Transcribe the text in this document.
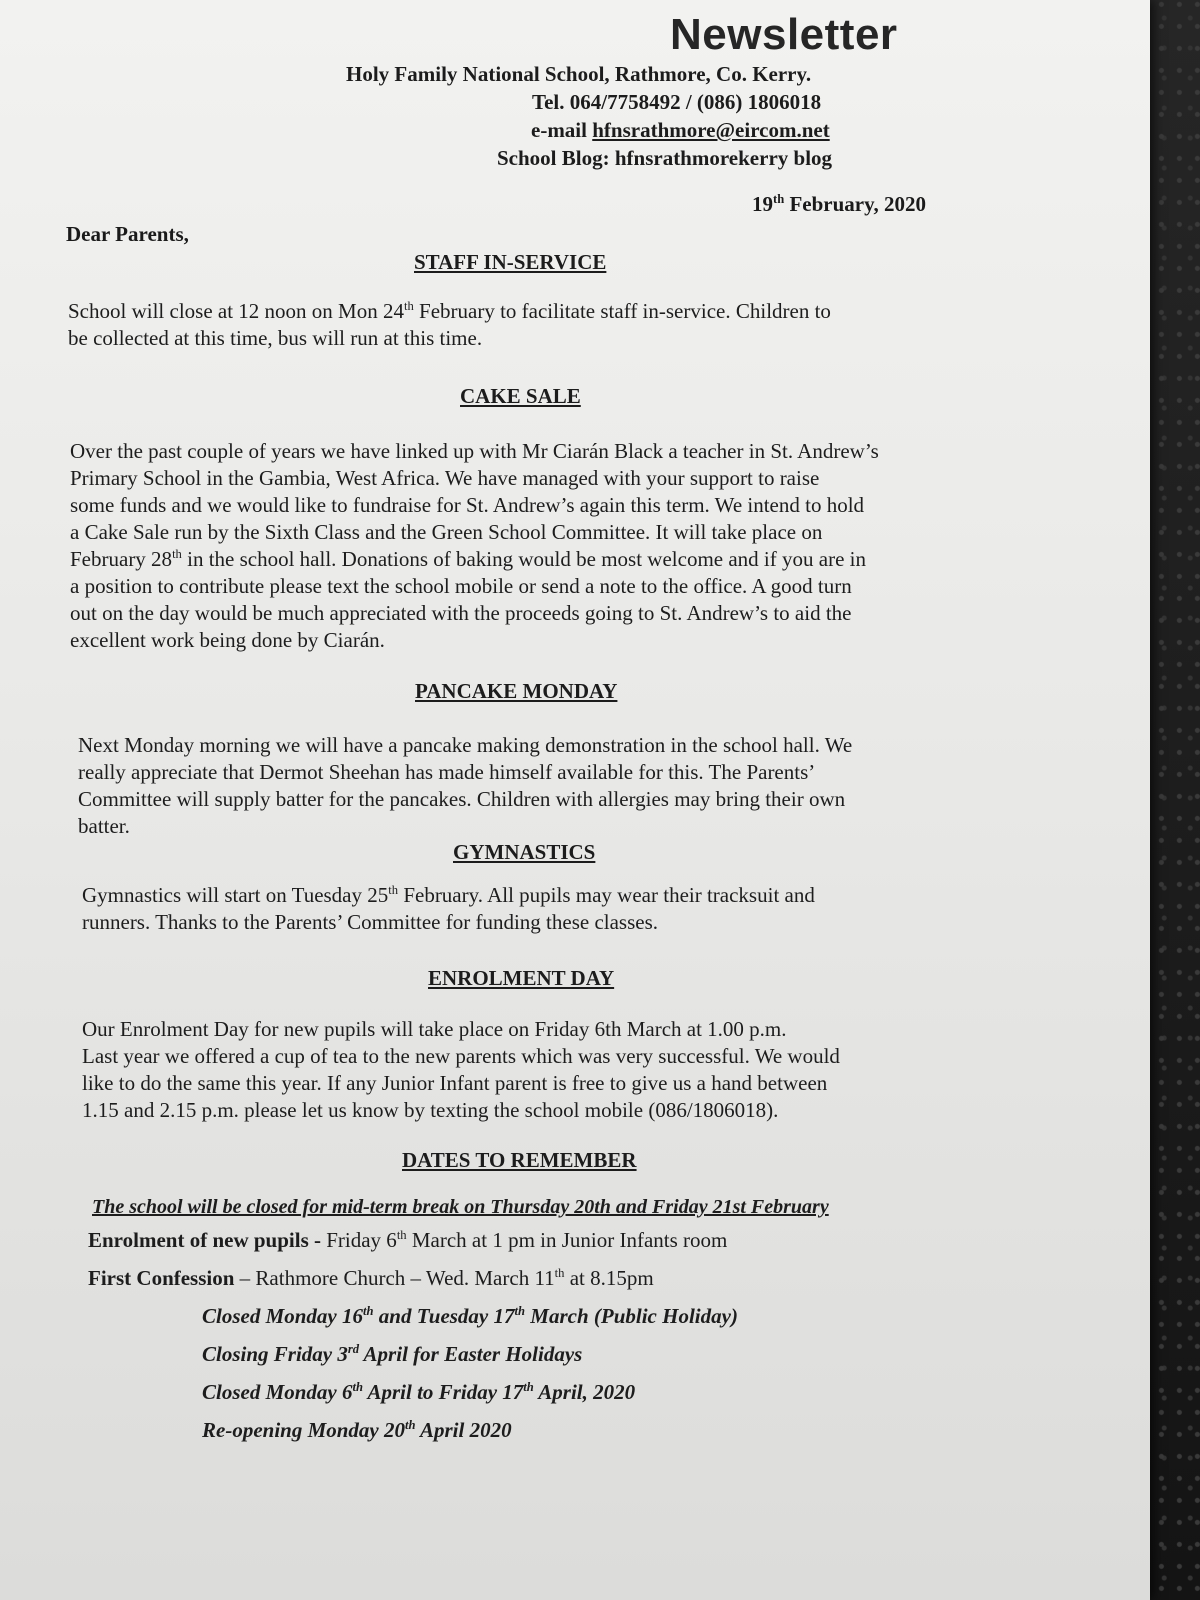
Newsletter
Holy Family National School, Rathmore, Co. Kerry.
Tel. 064/7758492 / (086) 1806018
e-mail hfnsrathmore@eircom.net
School Blog: hfnsrathmorekerry blog
19th February, 2020
Dear Parents,
STAFF IN-SERVICE
School will close at 12 noon on Mon 24th February to facilitate staff in-service. Children to
be collected at this time, bus will run at this time.
CAKE SALE
Over the past couple of years we have linked up with Mr Ciarán Black a teacher in St. Andrew’s
Primary School in the Gambia, West Africa. We have managed with your support to raise
some funds and we would like to fundraise for St. Andrew’s again this term. We intend to hold
a Cake Sale run by the Sixth Class and the Green School Committee. It will take place on
February 28th in the school hall. Donations of baking would be most welcome and if you are in
a position to contribute please text the school mobile or send a note to the office. A good turn
out on the day would be much appreciated with the proceeds going to St. Andrew’s to aid the
excellent work being done by Ciarán.
PANCAKE MONDAY
Next Monday morning we will have a pancake making demonstration in the school hall. We
really appreciate that Dermot Sheehan has made himself available for this. The Parents’
Committee will supply batter for the pancakes. Children with allergies may bring their own
batter.
GYMNASTICS
Gymnastics will start on Tuesday 25th February. All pupils may wear their tracksuit and
runners. Thanks to the Parents’ Committee for funding these classes.
ENROLMENT DAY
Our Enrolment Day for new pupils will take place on Friday 6th March at 1.00 p.m.
Last year we offered a cup of tea to the new parents which was very successful. We would
like to do the same this year. If any Junior Infant parent is free to give us a hand between
1.15 and 2.15 p.m. please let us know by texting the school mobile (086/1806018).
DATES TO REMEMBER
The school will be closed for mid-term break on Thursday 20th and Friday 21st February
Enrolment of new pupils - Friday 6th March at 1 pm in Junior Infants room
First Confession – Rathmore Church – Wed. March 11th at 8.15pm
Closed Monday 16th and Tuesday 17th March (Public Holiday)
Closing Friday 3rd April for Easter Holidays
Closed Monday 6th April to Friday 17th April, 2020
Re-opening Monday 20th April 2020
